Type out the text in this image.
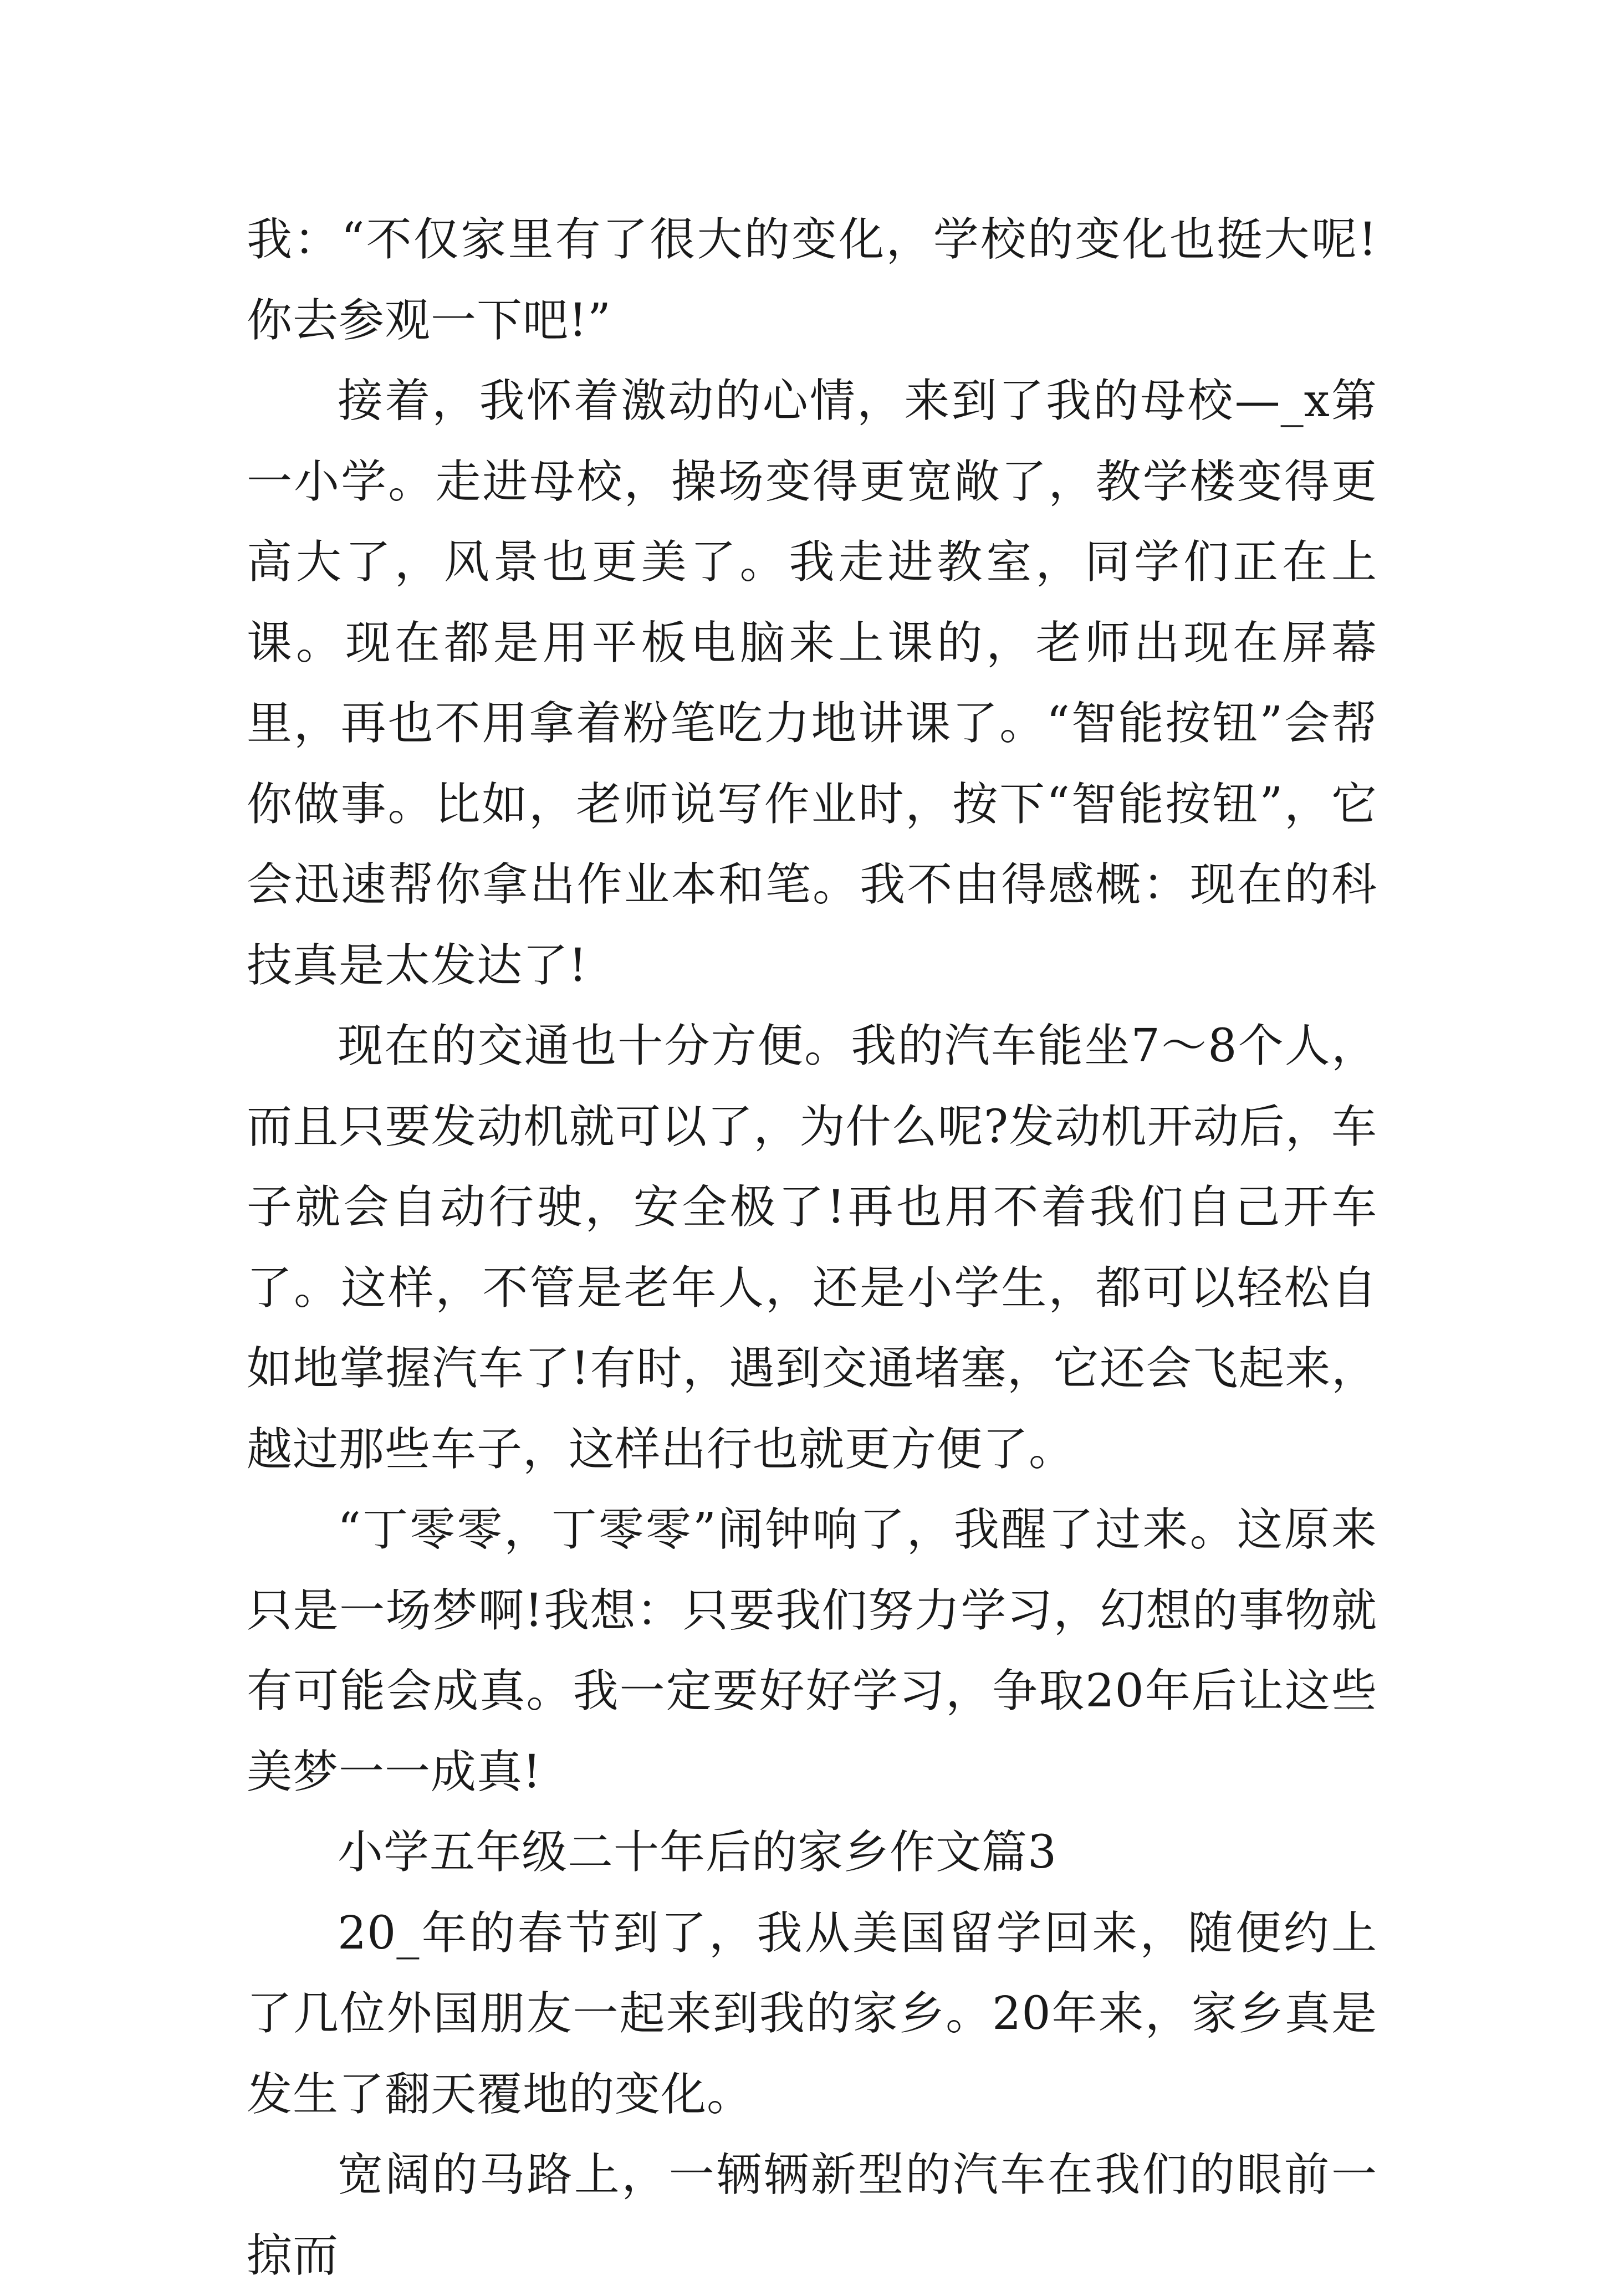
我：“不仅家里有了很大的变化，学校的变化也挺大呢!你去参观一下吧!”

接着，我怀着激动的心情，来到了我的母校—_x第一小学。走进母校，操场变得更宽敞了，教学楼变得更高大了，风景也更美了。我走进教室，同学们正在上课。现在都是用平板电脑来上课的，老师出现在屏幕里，再也不用拿着粉笔吃力地讲课了。“智能按钮”会帮你做事。比如，老师说写作业时，按下“智能按钮”，它会迅速帮你拿出作业本和笔。我不由得感概：现在的科技真是太发达了!

现在的交通也十分方便。我的汽车能坐7～8个人，而且只要发动机就可以了，为什么呢?发动机开动后，车子就会自动行驶，安全极了!再也用不着我们自己开车了。这样，不管是老年人，还是小学生，都可以轻松自如地掌握汽车了!有时，遇到交通堵塞，它还会飞起来，越过那些车子，这样出行也就更方便了。

“丁零零，丁零零”闹钟响了，我醒了过来。这原来只是一场梦啊!我想：只要我们努力学习，幻想的事物就有可能会成真。我一定要好好学习，争取20年后让这些美梦一一成真!

小学五年级二十年后的家乡作文篇3

20_年的春节到了，我从美国留学回来，随便约上了几位外国朋友一起来到我的家乡。20年来，家乡真是发生了翻天覆地的变化。

宽阔的马路上，一辆辆新型的汽车在我们的眼前一掠而
